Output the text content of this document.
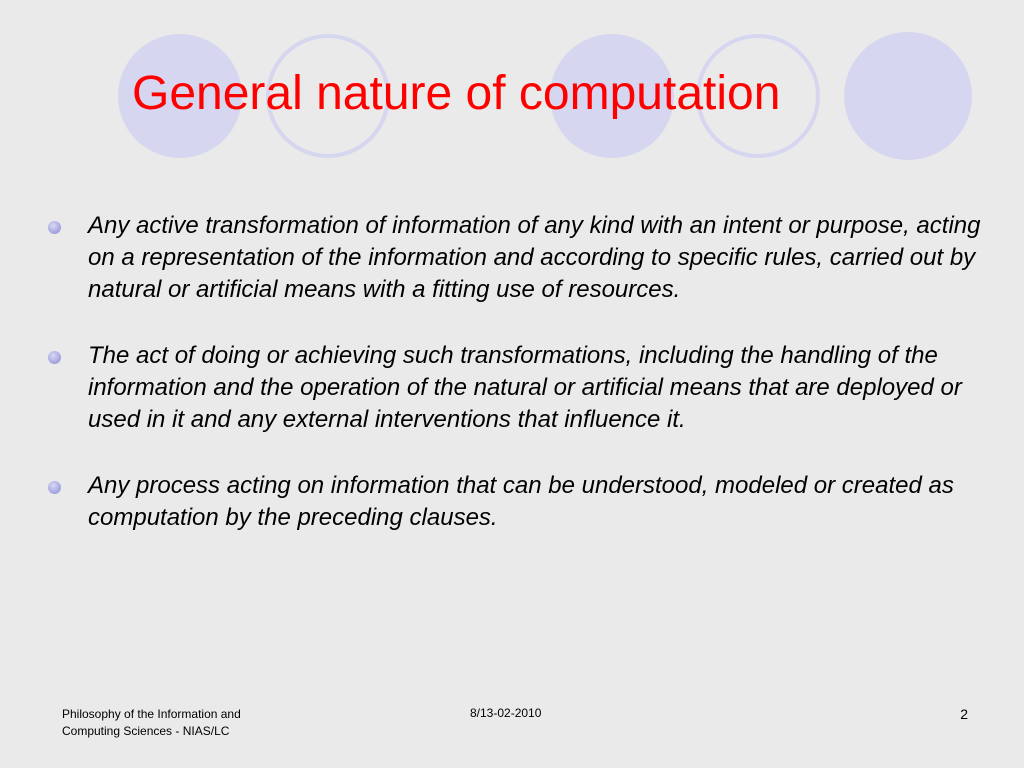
General nature of computation
Any active transformation of information of any kind with an intent or purpose, acting on a representation of the information and according to specific rules, carried out by natural or artificial means with a fitting use of resources.
The act of doing or achieving such transformations, including the handling of the information and the operation of the natural or artificial means that are deployed or used in it and any external interventions that influence it.
Any process acting on information that can be understood, modeled or created as computation by the preceding clauses.
Philosophy of the Information and
Computing Sciences - NIAS/LC
8/13-02-2010	2
